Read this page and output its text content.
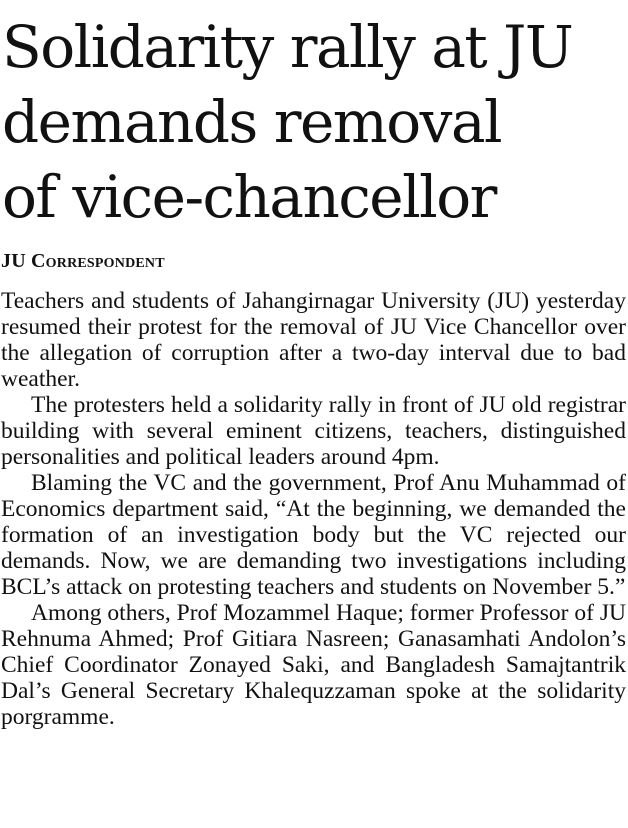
Solidarity rally at JU
demands removal
of vice-chancellor
JU Correspondent

Teachers and students of Jahangirnagar University (JU) yesterday resumed their protest for the removal of JU Vice Chancellor over the allegation of corruption after a two-day interval due to bad weather.

The protesters held a solidarity rally in front of JU old registrar building with several eminent citizens, teachers, distinguished personalities and political leaders around 4pm.

Blaming the VC and the government, Prof Anu Muhammad of Economics department said, “At the beginning, we demanded the formation of an investigation body but the VC rejected our demands. Now, we are demanding two investigations including BCL’s attack on protesting teachers and students on November 5.”

Among others, Prof Mozammel Haque; former Professor of JU Rehnuma Ahmed; Prof Gitiara Nasreen; Ganasamhati Andolon’s Chief Coordinator Zonayed Saki, and Bangladesh Samajtantrik Dal’s General Secretary Khalequzzaman spoke at the solidarity porgramme.
